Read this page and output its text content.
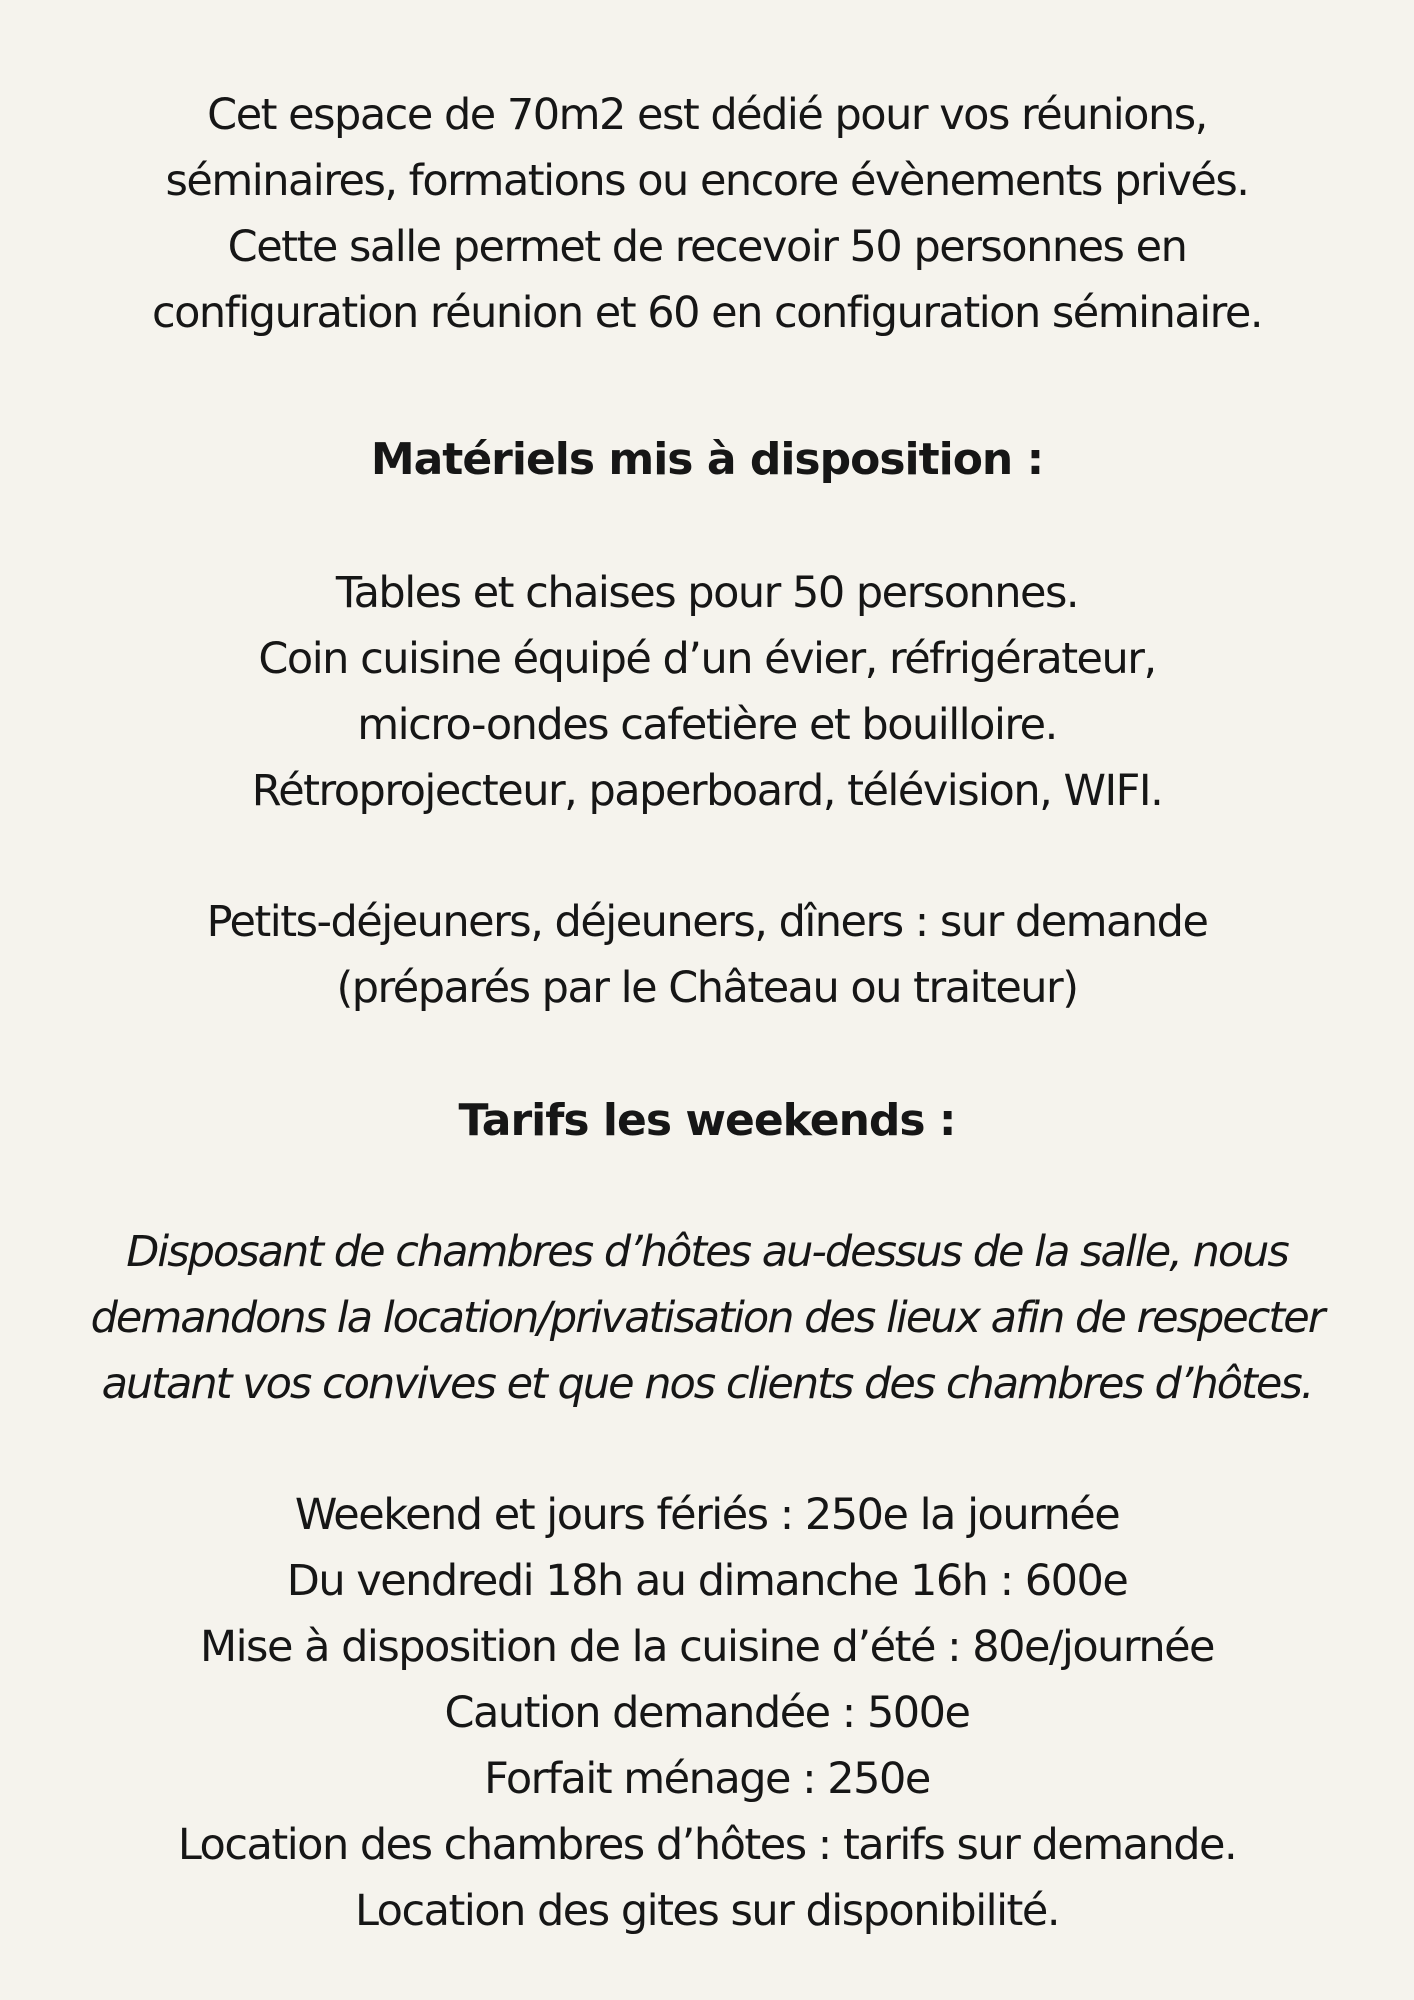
Cet espace de 70m2 est dédié pour vos réunions,
séminaires, formations ou encore évènements privés.
Cette salle permet de recevoir 50 personnes en
configuration réunion et 60 en configuration séminaire.
Matériels mis à disposition :
Tables et chaises pour 50 personnes.
Coin cuisine équipé d’un évier, réfrigérateur,
micro-ondes cafetière et bouilloire.
Rétroprojecteur, paperboard, télévision, WIFI.
Petits-déjeuners, déjeuners, dîners : sur demande
(préparés par le Château ou traiteur)
Tarifs les weekends :
Disposant de chambres d’hôtes au-dessus de la salle, nous
demandons la location/privatisation des lieux afin de respecter
autant vos convives et que nos clients des chambres d’hôtes.
Weekend et jours fériés : 250e la journée
Du vendredi 18h au dimanche 16h : 600e
Mise à disposition de la cuisine d’été : 80e/journée
Caution demandée : 500e
Forfait ménage : 250e
Location des chambres d’hôtes : tarifs sur demande.
Location des gites sur disponibilité.
